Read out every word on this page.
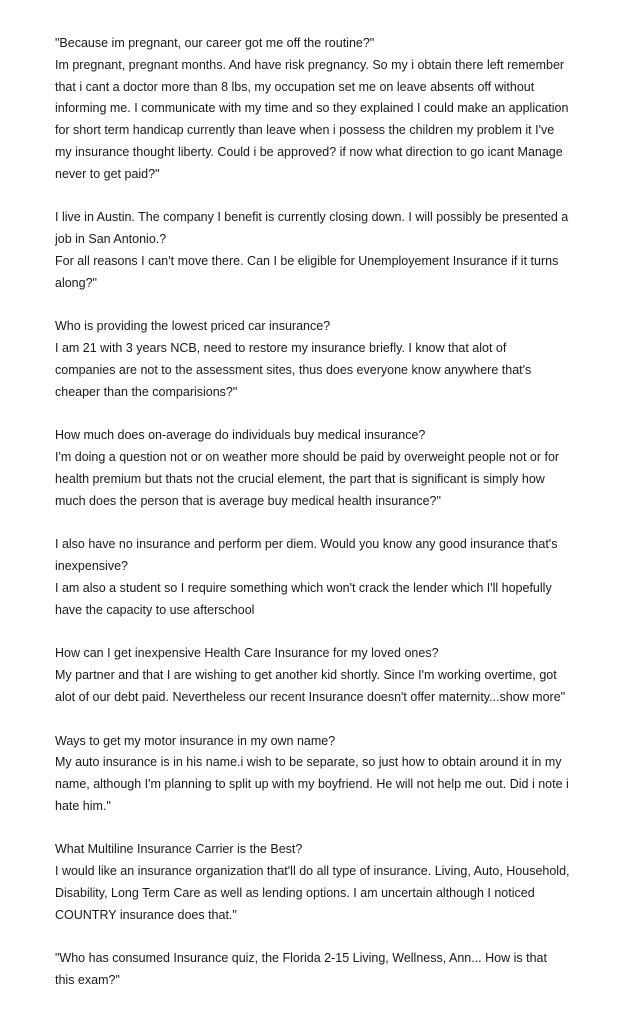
"Because im pregnant, our career got me off the routine?"
Im pregnant, pregnant months. And have risk pregnancy. So my i obtain there left remember
that i cant a doctor more than 8 lbs, my occupation set me on leave absents off without
informing me. I communicate with my time and so they explained I could make an application
for short term handicap currently than leave when i possess the children my problem it I've
my insurance thought liberty. Could i be approved? if now what direction to go icant Manage
never to get paid?"
I live in Austin. The company I benefit is currently closing down. I will possibly be presented a
job in San Antonio.?
For all reasons I can't move there. Can I be eligible for Unemployement Insurance if it turns
along?"
Who is providing the lowest priced car insurance?
I am 21 with 3 years NCB, need to restore my insurance briefly. I know that alot of
companies are not to the assessment sites, thus does everyone know anywhere that's
cheaper than the comparisions?"
How much does on-average do individuals buy medical insurance?
I'm doing a question not or on weather more should be paid by overweight people not or for
health premium but thats not the crucial element, the part that is significant is simply how
much does the person that is average buy medical health insurance?"
I also have no insurance and perform per diem. Would you know any good insurance that's
inexpensive?
I am also a student so I require something which won't crack the lender which I'll hopefully
have the capacity to use afterschool
How can I get inexpensive Health Care Insurance for my loved ones?
My partner and that I are wishing to get another kid shortly. Since I'm working overtime, got
alot of our debt paid. Nevertheless our recent Insurance doesn't offer maternity...show more"
Ways to get my motor insurance in my own name?
My auto insurance is in his name.i wish to be separate, so just how to obtain around it in my
name, although I'm planning to split up with my boyfriend. He will not help me out. Did i note i
hate him."
What Multiline Insurance Carrier is the Best?
I would like an insurance organization that'll do all type of insurance. Living, Auto, Household,
Disability, Long Term Care as well as lending options. I am uncertain although I noticed
COUNTRY insurance does that."
"Who has consumed Insurance quiz, the Florida 2-15 Living, Wellness, Ann... How is that
this exam?"
